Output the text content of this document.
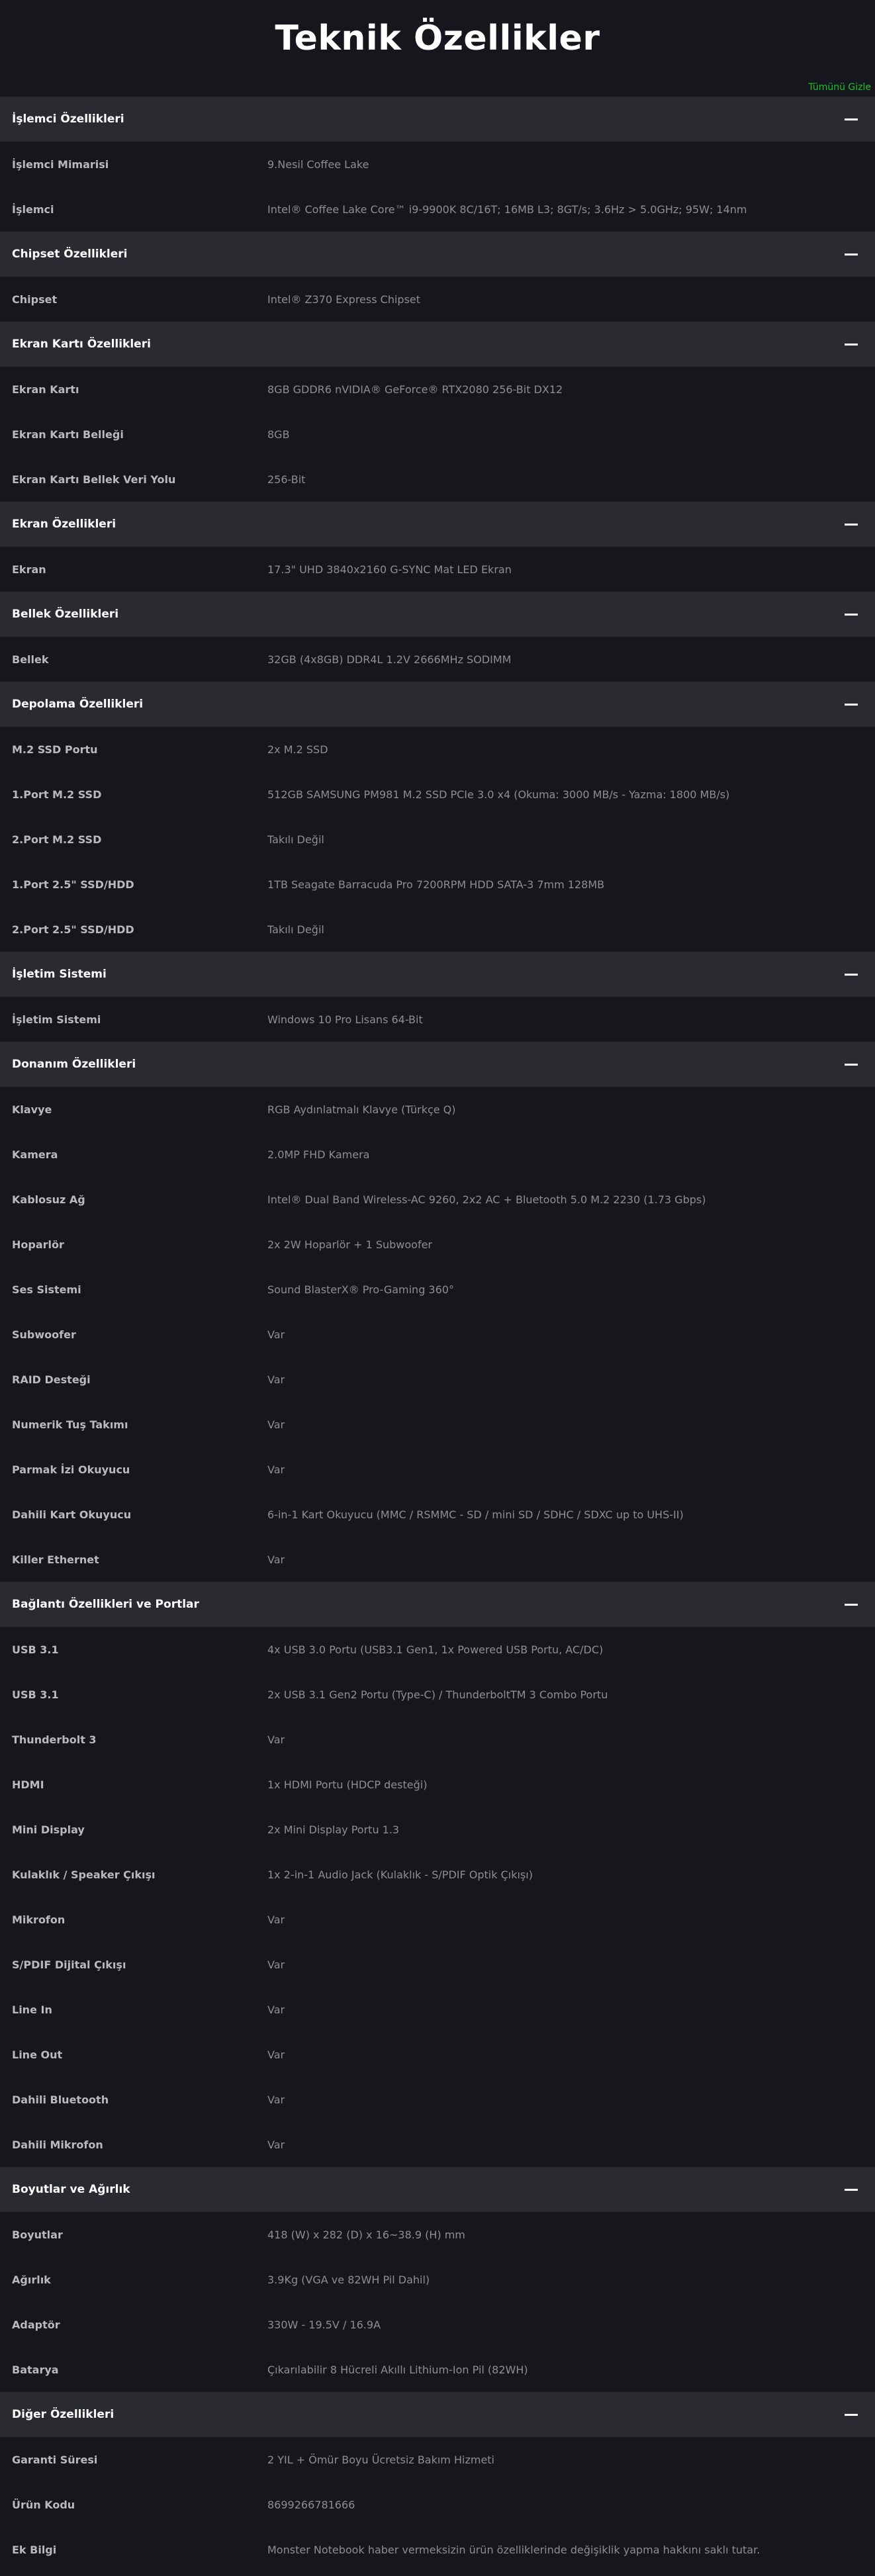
Teknik Özellikler
Tümünü Gizle
İşlemci Özellikleri
İşlemci Mimarisi	9.Nesil Coffee Lake
İşlemci	Intel® Coffee Lake Core™ i9-9900K 8C/16T; 16MB L3; 8GT/s; 3.6Hz > 5.0GHz; 95W; 14nm
Chipset Özellikleri
Chipset	Intel® Z370 Express Chipset
Ekran Kartı Özellikleri
Ekran Kartı	8GB GDDR6 nVIDIA® GeForce® RTX2080 256-Bit DX12
Ekran Kartı Belleği	8GB
Ekran Kartı Bellek Veri Yolu	256-Bit
Ekran Özellikleri
Ekran	17.3" UHD 3840x2160 G-SYNC Mat LED Ekran
Bellek Özellikleri
Bellek	32GB (4x8GB) DDR4L 1.2V 2666MHz SODIMM
Depolama Özellikleri
M.2 SSD Portu	2x M.2 SSD
1.Port M.2 SSD	512GB SAMSUNG PM981 M.2 SSD PCIe 3.0 x4 (Okuma: 3000 MB/s - Yazma: 1800 MB/s)
2.Port M.2 SSD	Takılı Değil
1.Port 2.5" SSD/HDD	1TB Seagate Barracuda Pro 7200RPM HDD SATA-3 7mm 128MB
2.Port 2.5" SSD/HDD	Takılı Değil
İşletim Sistemi
İşletim Sistemi	Windows 10 Pro Lisans 64-Bit
Donanım Özellikleri
Klavye	RGB Aydınlatmalı Klavye (Türkçe Q)
Kamera	2.0MP FHD Kamera
Kablosuz Ağ	Intel® Dual Band Wireless-AC 9260, 2x2 AC + Bluetooth 5.0 M.2 2230 (1.73 Gbps)
Hoparlör	2x 2W Hoparlör + 1 Subwoofer
Ses Sistemi	Sound BlasterX® Pro-Gaming 360°
Subwoofer	Var
RAID Desteği	Var
Numerik Tuş Takımı	Var
Parmak İzi Okuyucu	Var
Dahili Kart Okuyucu	6-in-1 Kart Okuyucu (MMC / RSMMC - SD / mini SD / SDHC / SDXC up to UHS-II)
Killer Ethernet	Var
Bağlantı Özellikleri ve Portlar
USB 3.1	4x USB 3.0 Portu (USB3.1 Gen1, 1x Powered USB Portu, AC/DC)
USB 3.1	2x USB 3.1 Gen2 Portu (Type-C) / ThunderboltTM 3 Combo Portu
Thunderbolt 3	Var
HDMI	1x HDMI Portu (HDCP desteği)
Mini Display	2x Mini Display Portu 1.3
Kulaklık / Speaker Çıkışı	1x 2-in-1 Audio Jack (Kulaklık - S/PDIF Optik Çıkışı)
Mikrofon	Var
S/PDIF Dijital Çıkışı	Var
Line In	Var
Line Out	Var
Dahili Bluetooth	Var
Dahili Mikrofon	Var
Boyutlar ve Ağırlık
Boyutlar	418 (W) x 282 (D) x 16~38.9 (H) mm
Ağırlık	3.9Kg (VGA ve 82WH Pil Dahil)
Adaptör	330W - 19.5V / 16.9A
Batarya	Çıkarılabilir 8 Hücreli Akıllı Lithium-Ion Pil (82WH)
Diğer Özellikleri
Garanti Süresi	2 YIL + Ömür Boyu Ücretsiz Bakım Hizmeti
Ürün Kodu	8699266781666
Ek Bilgi	Monster Notebook haber vermeksizin ürün özelliklerinde değişiklik yapma hakkını saklı tutar.
